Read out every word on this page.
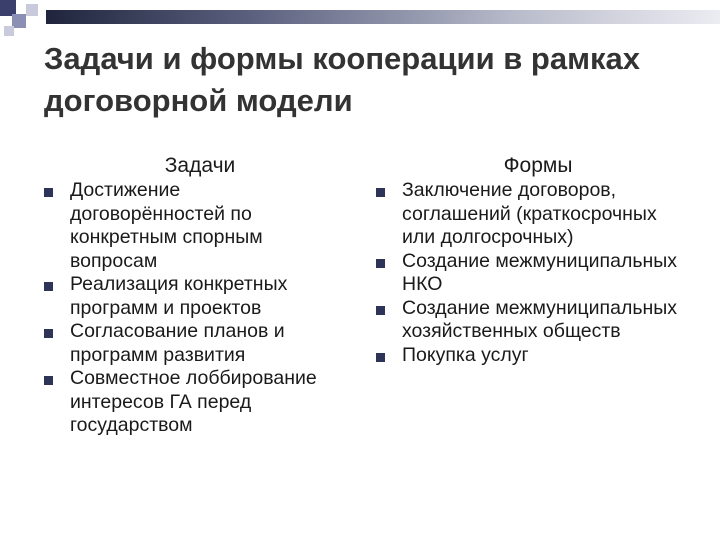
Задачи и формы кооперации в рамках договорной модели
Задачи
Достижение договорённостей по конкретным спорным вопросам
Реализация конкретных программ и проектов
Согласование планов и программ развития
Совместное лоббирование интересов ГА перед государством
Формы
Заключение договоров, соглашений (краткосрочных или долгосрочных)
Создание межмуниципальных НКО
Создание межмуниципальных хозяйственных обществ
Покупка услуг
